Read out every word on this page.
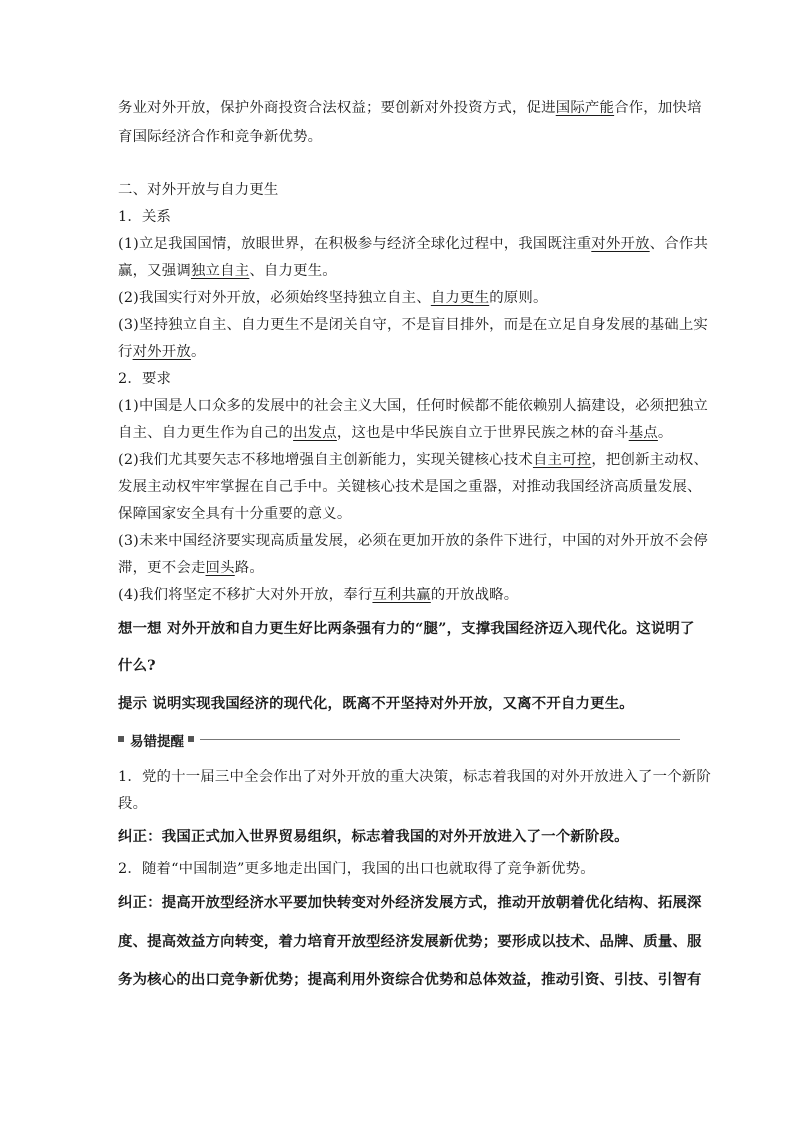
务业对外开放，保护外商投资合法权益；要创新对外投资方式，促进国际产能合作，加快培
育国际经济合作和竞争新优势。
二、对外开放与自力更生
1．关系
(1)立足我国国情，放眼世界，在积极参与经济全球化过程中，我国既注重对外开放、合作共
赢，又强调独立自主、自力更生。
(2)我国实行对外开放，必须始终坚持独立自主、自力更生的原则。
(3)坚持独立自主、自力更生不是闭关自守，不是盲目排外，而是在立足自身发展的基础上实
行对外开放。
2．要求
(1)中国是人口众多的发展中的社会主义大国，任何时候都不能依赖别人搞建设，必须把独立
自主、自力更生作为自己的出发点，这也是中华民族自立于世界民族之林的奋斗基点。
(2)我们尤其要矢志不移地增强自主创新能力，实现关键核心技术自主可控，把创新主动权、
发展主动权牢牢掌握在自己手中。关键核心技术是国之重器，对推动我国经济高质量发展、
保障国家安全具有十分重要的意义。
(3)未来中国经济要实现高质量发展，必须在更加开放的条件下进行，中国的对外开放不会停
滞，更不会走回头路。
(4)我们将坚定不移扩大对外开放，奉行互利共赢的开放战略。
想一想 对外开放和自力更生好比两条强有力的“腿”，支撑我国经济迈入现代化。这说明了
什么?
提示 说明实现我国经济的现代化，既离不开坚持对外开放，又离不开自力更生。
易错提醒
1．党的十一届三中全会作出了对外开放的重大决策，标志着我国的对外开放进入了一个新阶
段。
纠正：我国正式加入世界贸易组织，标志着我国的对外开放进入了一个新阶段。
2．随着“中国制造”更多地走出国门，我国的出口也就取得了竞争新优势。
纠正：提高开放型经济水平要加快转变对外经济发展方式，推动开放朝着优化结构、拓展深
度、提高效益方向转变，着力培育开放型经济发展新优势；要形成以技术、品牌、质量、服
务为核心的出口竞争新优势；提高利用外资综合优势和总体效益，推动引资、引技、引智有
